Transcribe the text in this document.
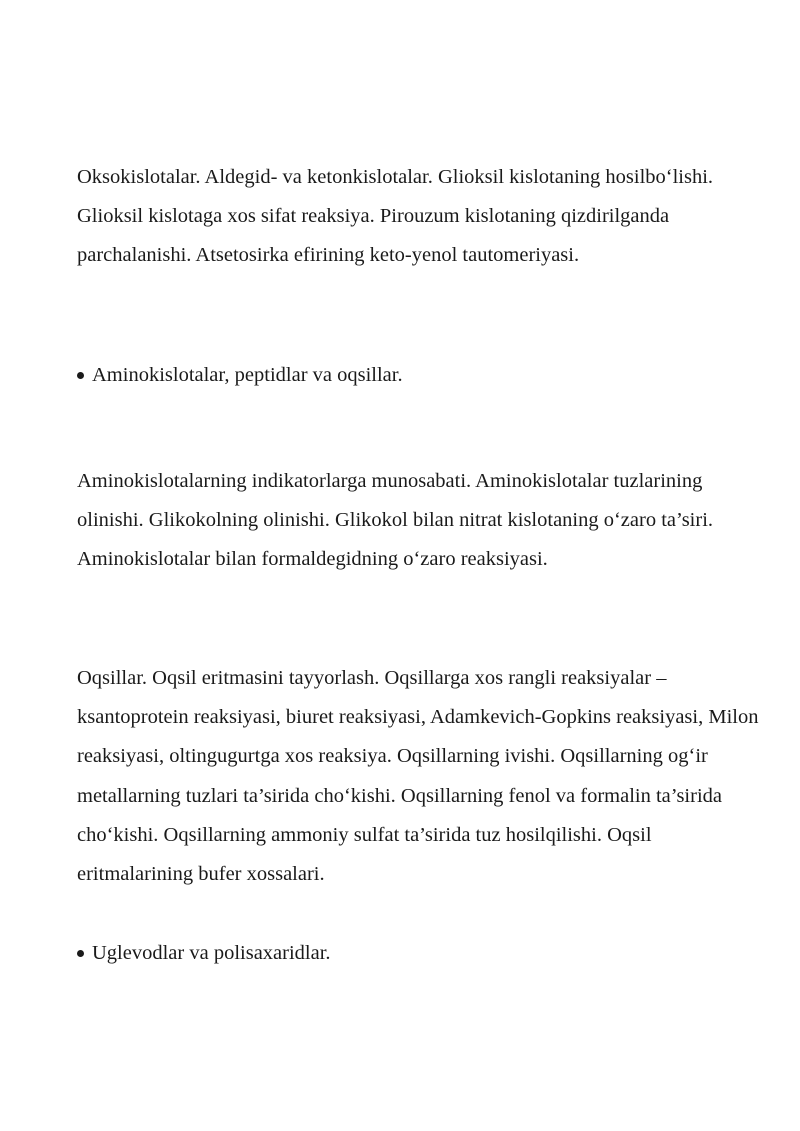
Oksokislotalar. Aldegid- va ketonkislotalar. Glioksil kislotaning hosilbo‘lishi. Glioksil kislotaga xos sifat reaksiya. Pirouzum kislotaning qizdirilganda parchalanishi. Atsetosirka efirining keto-yenol tautomeriyasi.

Aminokislotalar, peptidlar va oqsillar.

Aminokislotalarning indikatorlarga munosabati. Aminokislotalar tuzlarining olinishi. Glikokolning olinishi. Glikokol bilan nitrat kislotaning o‘zaro ta’siri. Aminokislotalar bilan formaldegidning o‘zaro reaksiyasi.

Oqsillar. Oqsil eritmasini tayyorlash. Oqsillarga xos rangli reaksiyalar – ksantoprotein reaksiyasi, biuret reaksiyasi, Adamkevich-Gopkins reaksiyasi, Milon reaksiyasi, oltingugurtga xos reaksiya. Oqsillarning ivishi. Oqsillarning og‘ir metallarning tuzlari ta’sirida cho‘kishi. Oqsillarning fenol va formalin ta’sirida cho‘kishi. Oqsillarning ammoniy sulfat ta’sirida tuz hosilqilishi. Oqsil eritmalarining bufer xossalari.

Uglevodlar va polisaxaridlar.
